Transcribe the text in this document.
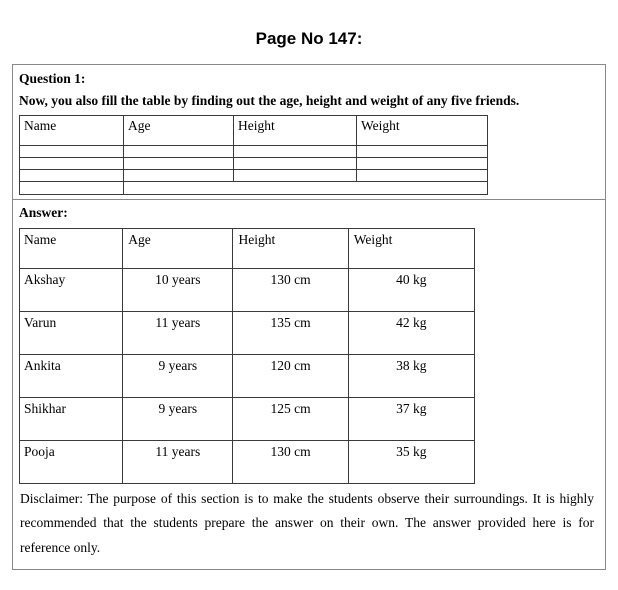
Page No 147:
Question 1:
Now, you also fill the table by finding out the age, height and weight of any five friends.
Name	Age	Height	Weight

Answer:
Name	Age	Height	Weight
Akshay	10 years	130 cm	40 kg
Varun	11 years	135 cm	42 kg
Ankita	9 years	120 cm	38 kg
Shikhar	9 years	125 cm	37 kg
Pooja	11 years	130 cm	35 kg

Disclaimer: The purpose of this section is to make the students observe their surroundings. It is highly recommended that the students prepare the answer on their own. The answer provided here is for reference only.
